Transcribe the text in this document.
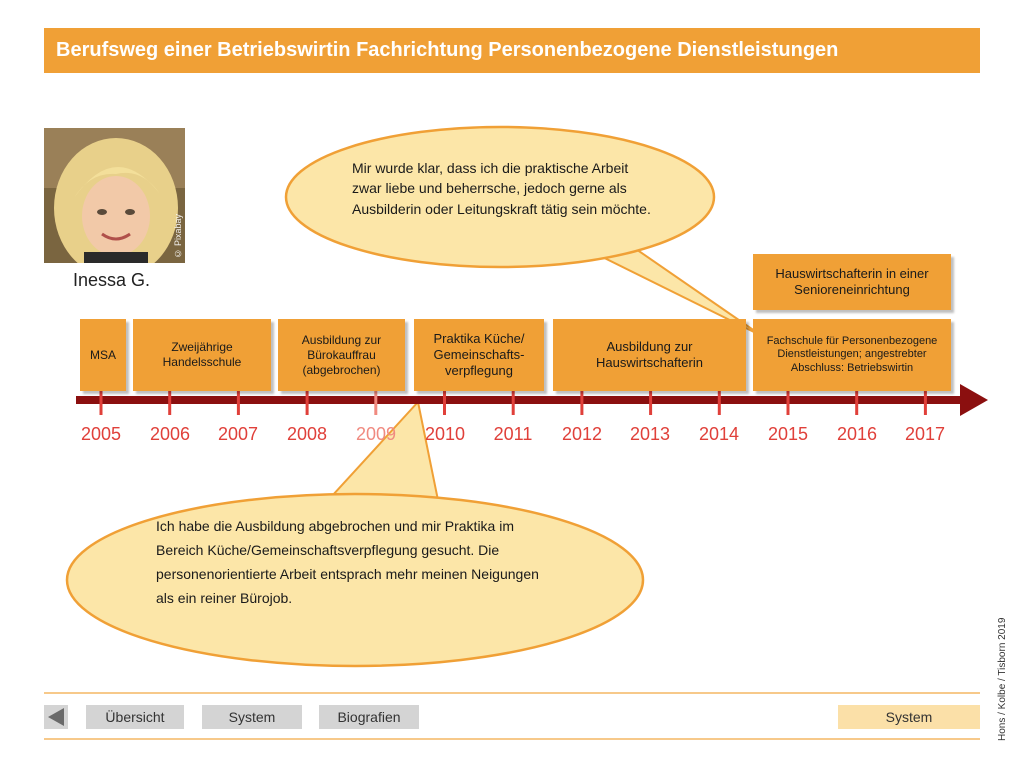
Berufsweg einer Betriebswirtin Fachrichtung Personenbezogene Dienstleistungen
© Pixabay
Inessa G.
MSA
Zweijährige Handelsschule
Ausbildung zur Bürokauffrau (abgebrochen)
Praktika Küche/ Gemeinschafts-verpflegung
Ausbildung zur Hauswirtschafterin
Fachschule für Personenbezogene Dienstleistungen; angestrebter Abschluss: Betriebswirtin
Hauswirtschafterin in einer Senioreneinrichtung
2005	2006	2007	2008	2009	2010	2011	2012	2013	2014	2015	2016	2017
Mir wurde klar, dass ich die praktische Arbeit zwar liebe und beherrsche, jedoch gerne als Ausbilderin oder Leitungskraft tätig sein möchte.
Ich habe die Ausbildung abgebrochen und mir Praktika im Bereich Küche/Gemeinschaftsverpflegung gesucht. Die personenorientierte Arbeit entsprach mehr meinen Neigungen als ein reiner Bürojob.
Übersicht	System	Biografien	System	Hons / Kolbe / Tisborn 2019
